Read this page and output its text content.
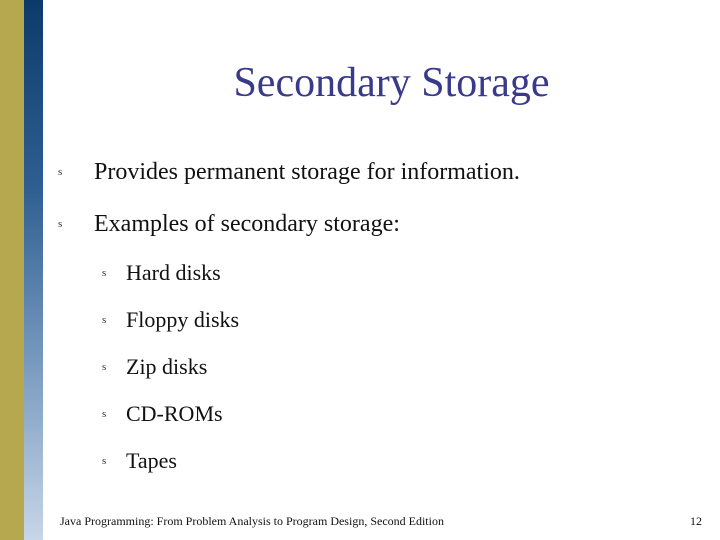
Secondary Storage
s Provides permanent storage for information.
s Examples of secondary storage:
s Hard disks
s Floppy disks
s Zip disks
s CD-ROMs
s Tapes
Java Programming: From Problem Analysis to Program Design, Second Edition	12
